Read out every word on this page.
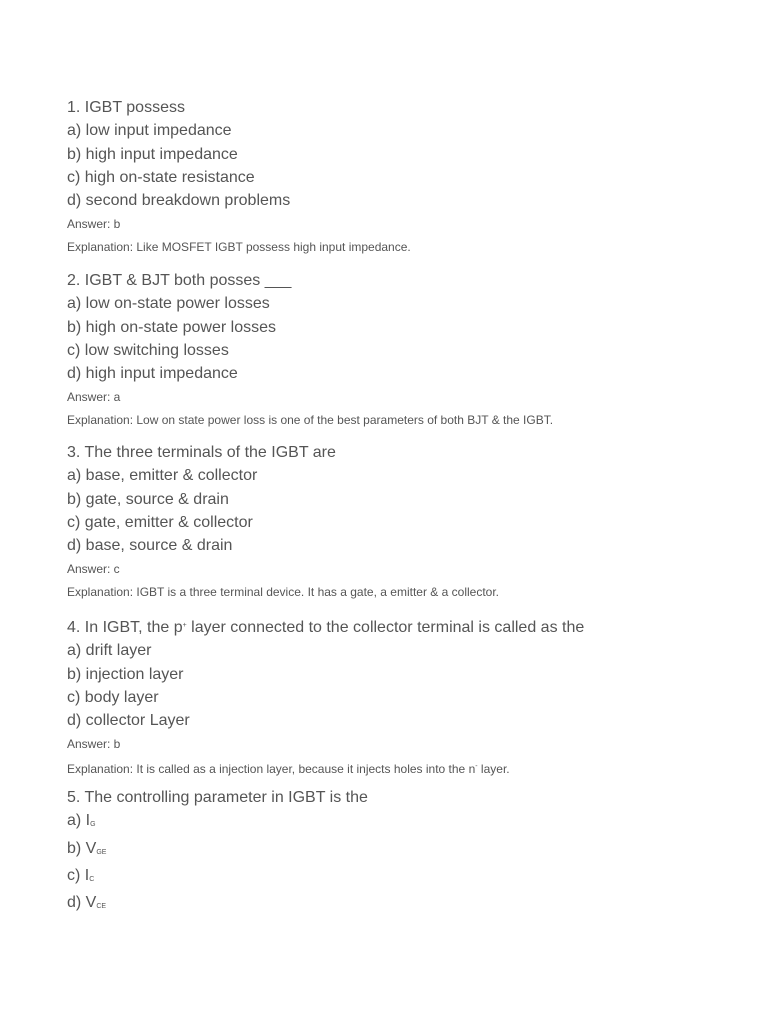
1. IGBT possess
a) low input impedance
b) high input impedance
c) high on-state resistance
d) second breakdown problems
Answer: b
Explanation: Like MOSFET IGBT possess high input impedance.
2. IGBT & BJT both posses ___
a) low on-state power losses
b) high on-state power losses
c) low switching losses
d) high input impedance
Answer: a
Explanation: Low on state power loss is one of the best parameters of both BJT & the IGBT.
3. The three terminals of the IGBT are
a) base, emitter & collector
b) gate, source & drain
c) gate, emitter & collector
d) base, source & drain
Answer: c
Explanation: IGBT is a three terminal device. It has a gate, a emitter & a collector.
4. In IGBT, the p+ layer connected to the collector terminal is called as the
a) drift layer
b) injection layer
c) body layer
d) collector Layer
Answer: b
Explanation: It is called as a injection layer, because it injects holes into the n- layer.
5. The controlling parameter in IGBT is the
a) $I_G$
b) $V_{GE}$
c) $I_C$
d) $V_{CE}$
